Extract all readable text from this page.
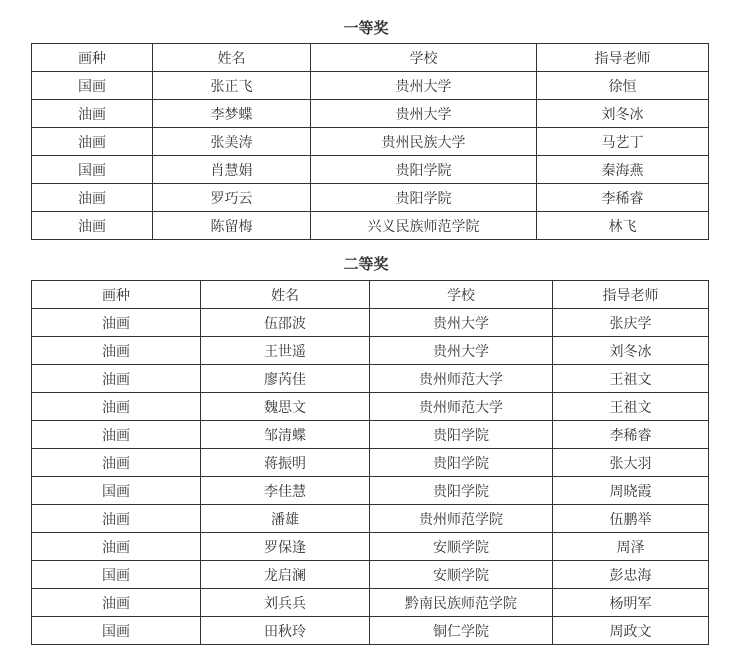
一等奖
画种	姓名	学校	指导老师
国画	张正飞	贵州大学	徐恒
油画	李梦蝶	贵州大学	刘冬冰
油画	张美涛	贵州民族大学	马艺丁
国画	肖慧娟	贵阳学院	秦海燕
油画	罗巧云	贵阳学院	李稀睿
油画	陈留梅	兴义民族师范学院	林飞
二等奖
画种	姓名	学校	指导老师
油画	伍邵波	贵州大学	张庆学
油画	王世遥	贵州大学	刘冬冰
油画	廖芮佳	贵州师范大学	王祖文
油画	魏思文	贵州师范大学	王祖文
油画	邹清蝶	贵阳学院	李稀睿
油画	蒋振明	贵阳学院	张大羽
国画	李佳慧	贵阳学院	周晓霞
油画	潘雄	贵州师范学院	伍鹏举
油画	罗保逢	安顺学院	周泽
国画	龙启澜	安顺学院	彭忠海
油画	刘兵兵	黔南民族师范学院	杨明军
国画	田秋玲	铜仁学院	周政文
